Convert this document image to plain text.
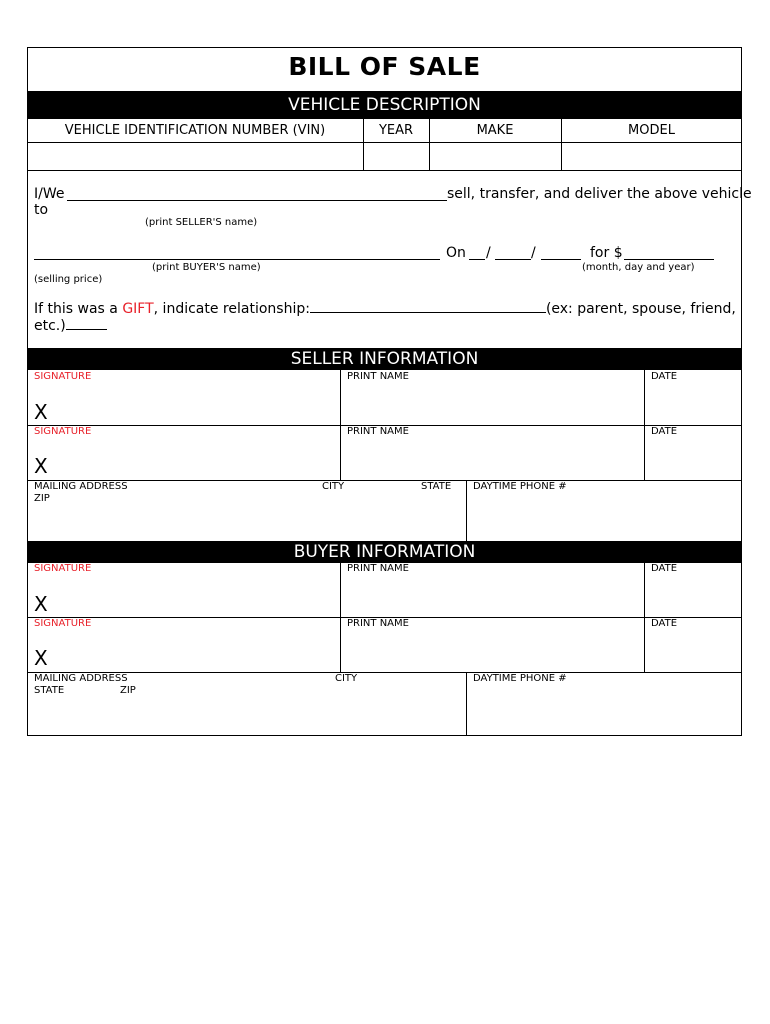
BILL OF SALE
VEHICLE DESCRIPTION
VEHICLE IDENTIFICATION NUMBER (VIN)	YEAR	MAKE	MODEL
I/We	sell, transfer, and deliver the above vehicle
to
(print SELLER'S name)
On /	/	for $
(print BUYER'S name)	(month, day and year)
(selling price)
If this was a GIFT, indicate relationship:	(ex: parent, spouse, friend,
etc.)
SELLER INFORMATION
SIGNATURE	PRINT NAME	DATE
X
SIGNATURE	PRINT NAME	DATE
X
MAILING ADDRESS	CITY	STATE
ZIP
DAYTIME PHONE #
BUYER INFORMATION
SIGNATURE	PRINT NAME	DATE
X
SIGNATURE	PRINT NAME	DATE
X
MAILING ADDRESS	CITY
STATE	ZIP
DAYTIME PHONE #
